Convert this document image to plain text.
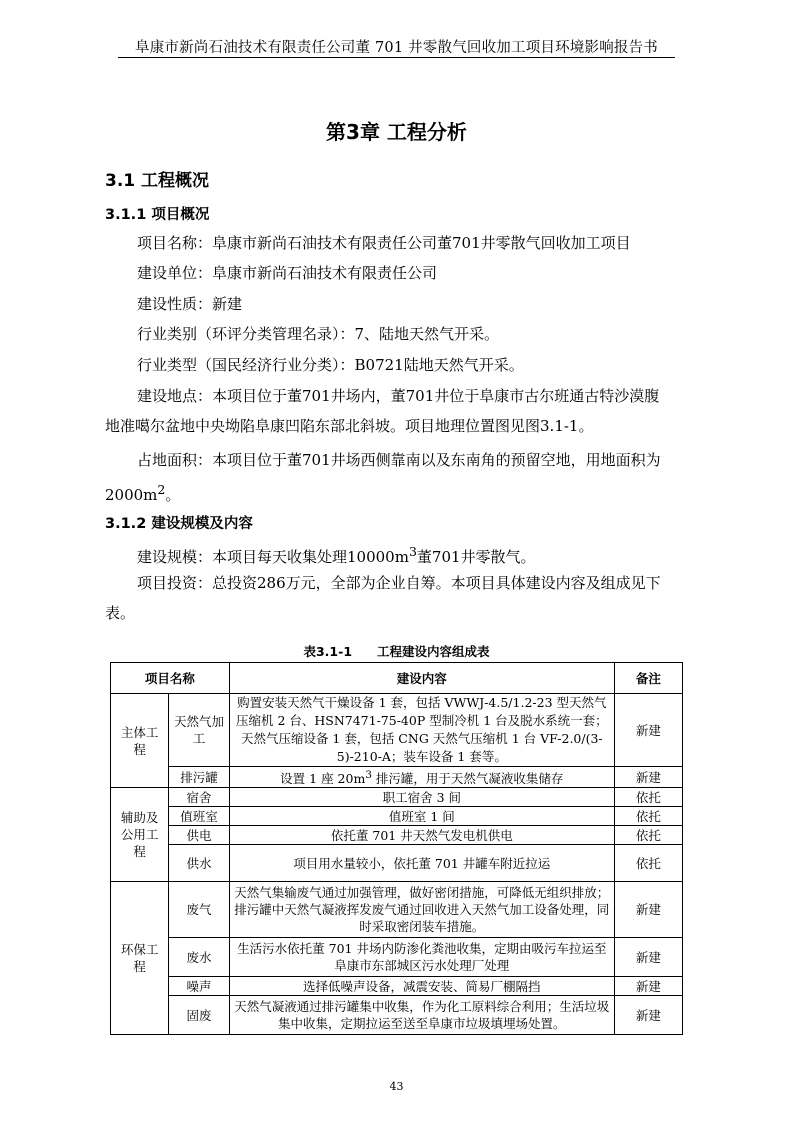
阜康市新尚石油技术有限责任公司董 701 井零散气回收加工项目环境影响报告书
第3章 工程分析
3.1 工程概况
3.1.1 项目概况
项目名称：阜康市新尚石油技术有限责任公司董701井零散气回收加工项目
建设单位：阜康市新尚石油技术有限责任公司
建设性质：新建
行业类别（环评分类管理名录）：7、陆地天然气开采。
行业类型（国民经济行业分类）：B0721陆地天然气开采。
建设地点：本项目位于董701井场内，董701井位于阜康市古尔班通古特沙漠腹
地准噶尔盆地中央坳陷阜康凹陷东部北斜坡。项目地理位置图见图3.1-1。
占地面积：本项目位于董701井场西侧靠南以及东南角的预留空地，用地面积为
$2000m^2$。
3.1.2 建设规模及内容
建设规模：本项目每天收集处理$10000m^3$董701井零散气。
项目投资：总投资286万元，全部为企业自筹。本项目具体建设内容及组成见下
表。
表3.1-1　　工程建设内容组成表
项目名称		建设内容	备注
主体工程	天然气加工	购置安装天然气干燥设备 1 套，包括 VWWJ-4.5/1.2-23 型天然气压缩机 2 台、HSN7471-75-40P 型制冷机 1 台及脱水系统一套； 天然气压缩设备 1 套，包括 CNG 天然气压缩机 1 台 VF-2.0/(3-5)-210-A；装车设备 1 套等。	新建
	排污罐	设置 1 座 $20m^3$ 排污罐，用于天然气凝液收集储存	新建
辅助及公用工程	宿舍	职工宿舍 3 间	依托
	值班室	值班室 1 间	依托
	供电	依托董 701 井天然气发电机供电	依托
	供水	项目用水量较小，依托董 701 井罐车附近拉运	依托
环保工程	废气	天然气集输废气通过加强管理，做好密闭措施，可降低无组织排放；排污罐中天然气凝液挥发废气通过回收进入天然气加工设备处理，同时采取密闭装车措施。	新建
	废水	生活污水依托董 701 井场内防渗化粪池收集，定期由吸污车拉运至阜康市东部城区污水处理厂处理	新建
	噪声	选择低噪声设备，减震安装、简易厂棚隔挡	新建
	固废	天然气凝液通过排污罐集中收集，作为化工原料综合利用；生活垃圾集中收集，定期拉运至送至阜康市垃圾填埋场处置。	新建
43
